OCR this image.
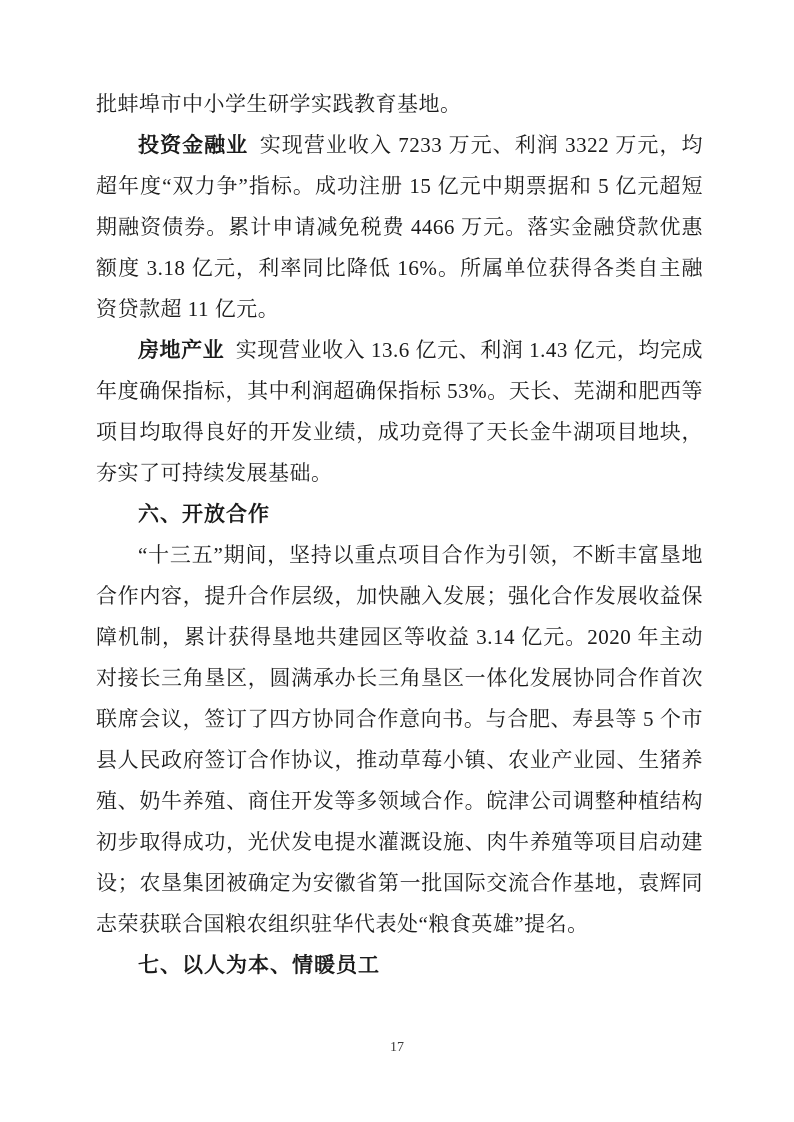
批蚌埠市中小学生研学实践教育基地。

投资金融业 实现营业收入 7233 万元、利润 3322 万元，均超年度“双力争”指标。成功注册 15 亿元中期票据和 5 亿元超短期融资债券。累计申请减免税费 4466 万元。落实金融贷款优惠额度 3.18 亿元，利率同比降低 16%。所属单位获得各类自主融资贷款超 11 亿元。

房地产业 实现营业收入 13.6 亿元、利润 1.43 亿元，均完成年度确保指标，其中利润超确保指标 53%。天长、芜湖和肥西等项目均取得良好的开发业绩，成功竞得了天长金牛湖项目地块，夯实了可持续发展基础。

六、开放合作

“十三五”期间，坚持以重点项目合作为引领，不断丰富垦地合作内容，提升合作层级，加快融入发展；强化合作发展收益保障机制，累计获得垦地共建园区等收益 3.14 亿元。2020 年主动对接长三角垦区，圆满承办长三角垦区一体化发展协同合作首次联席会议，签订了四方协同合作意向书。与合肥、寿县等 5 个市县人民政府签订合作协议，推动草莓小镇、农业产业园、生猪养殖、奶牛养殖、商住开发等多领域合作。皖津公司调整种植结构初步取得成功，光伏发电提水灌溉设施、肉牛养殖等项目启动建设；农垦集团被确定为安徽省第一批国际交流合作基地，袁辉同志荣获联合国粮农组织驻华代表处“粮食英雄”提名。

七、以人为本、情暖员工
17
